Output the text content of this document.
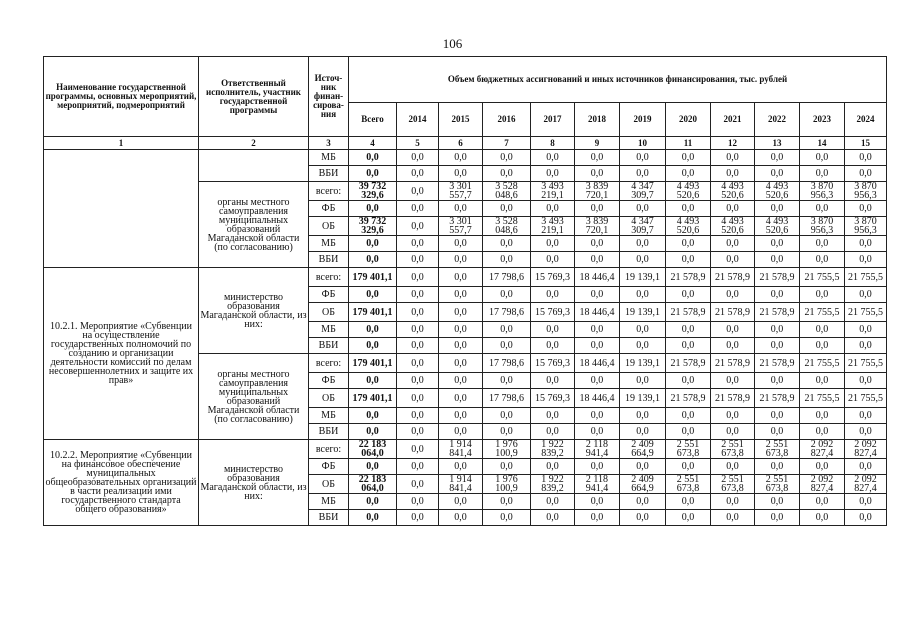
106
Наименование государственной программы, основных мероприятий, мероприятий, подмероприятий	Ответственный исполнитель, участник государственной программы	Источ-ник финан-сирова-ния	Объем бюджетных ассигнований и иных источников финансирования, тыс. рублей											
			Всего	2014	2015	2016	2017	2018	2019	2020	2021	2022	2023	2024
1	2	3	4	5	6	7	8	9	10	11	12	13	14	15
		МБ	0,0	0,0	0,0	0,0	0,0	0,0	0,0	0,0	0,0	0,0	0,0	0,0
		ВБИ	0,0	0,0	0,0	0,0	0,0	0,0	0,0	0,0	0,0	0,0	0,0	0,0
	органы местного самоуправления муниципальных образований Магаданской области (по согласованию)	всего:	39 732 329,6	0,0	3 301 557,7	3 528 048,6	3 493 219,1	3 839 720,1	4 347 309,7	4 493 520,6	4 493 520,6	4 493 520,6	3 870 956,3	3 870 956,3
		ФБ	0,0	0,0	0,0	0,0	0,0	0,0	0,0	0,0	0,0	0,0	0,0	0,0
		ОБ	39 732 329,6	0,0	3 301 557,7	3 528 048,6	3 493 219,1	3 839 720,1	4 347 309,7	4 493 520,6	4 493 520,6	4 493 520,6	3 870 956,3	3 870 956,3
		МБ	0,0	0,0	0,0	0,0	0,0	0,0	0,0	0,0	0,0	0,0	0,0	0,0
		ВБИ	0,0	0,0	0,0	0,0	0,0	0,0	0,0	0,0	0,0	0,0	0,0	0,0
10.2.1. Мероприятие «Субвенции на осуществление государственных полномочий по созданию и организации деятельности комиссий по делам несовершеннолетних и защите их прав»	министерство образования Магаданской области, из них:	всего:	179 401,1	0,0	0,0	17 798,6	15 769,3	18 446,4	19 139,1	21 578,9	21 578,9	21 578,9	21 755,5	21 755,5
		ФБ	0,0	0,0	0,0	0,0	0,0	0,0	0,0	0,0	0,0	0,0	0,0	0,0
		ОБ	179 401,1	0,0	0,0	17 798,6	15 769,3	18 446,4	19 139,1	21 578,9	21 578,9	21 578,9	21 755,5	21 755,5
		МБ	0,0	0,0	0,0	0,0	0,0	0,0	0,0	0,0	0,0	0,0	0,0	0,0
		ВБИ	0,0	0,0	0,0	0,0	0,0	0,0	0,0	0,0	0,0	0,0	0,0	0,0
	органы местного самоуправления муниципальных образований Магаданской области (по согласованию)	всего:	179 401,1	0,0	0,0	17 798,6	15 769,3	18 446,4	19 139,1	21 578,9	21 578,9	21 578,9	21 755,5	21 755,5
		ФБ	0,0	0,0	0,0	0,0	0,0	0,0	0,0	0,0	0,0	0,0	0,0	0,0
		ОБ	179 401,1	0,0	0,0	17 798,6	15 769,3	18 446,4	19 139,1	21 578,9	21 578,9	21 578,9	21 755,5	21 755,5
		МБ	0,0	0,0	0,0	0,0	0,0	0,0	0,0	0,0	0,0	0,0	0,0	0,0
		ВБИ	0,0	0,0	0,0	0,0	0,0	0,0	0,0	0,0	0,0	0,0	0,0	0,0
10.2.2. Мероприятие «Субвенции на финансовое обеспечение муниципальных общеобразовательных организаций в части реализации ими государственного стандарта общего образования»	министерство образования Магаданской области, из них:	всего:	22 183 064,0	0,0	1 914 841,4	1 976 100,9	1 922 839,2	2 118 941,4	2 409 664,9	2 551 673,8	2 551 673,8	2 551 673,8	2 092 827,4	2 092 827,4
		ФБ	0,0	0,0	0,0	0,0	0,0	0,0	0,0	0,0	0,0	0,0	0,0	0,0
		ОБ	22 183 064,0	0,0	1 914 841,4	1 976 100,9	1 922 839,2	2 118 941,4	2 409 664,9	2 551 673,8	2 551 673,8	2 551 673,8	2 092 827,4	2 092 827,4
		МБ	0,0	0,0	0,0	0,0	0,0	0,0	0,0	0,0	0,0	0,0	0,0	0,0
		ВБИ	0,0	0,0	0,0	0,0	0,0	0,0	0,0	0,0	0,0	0,0	0,0	0,0
